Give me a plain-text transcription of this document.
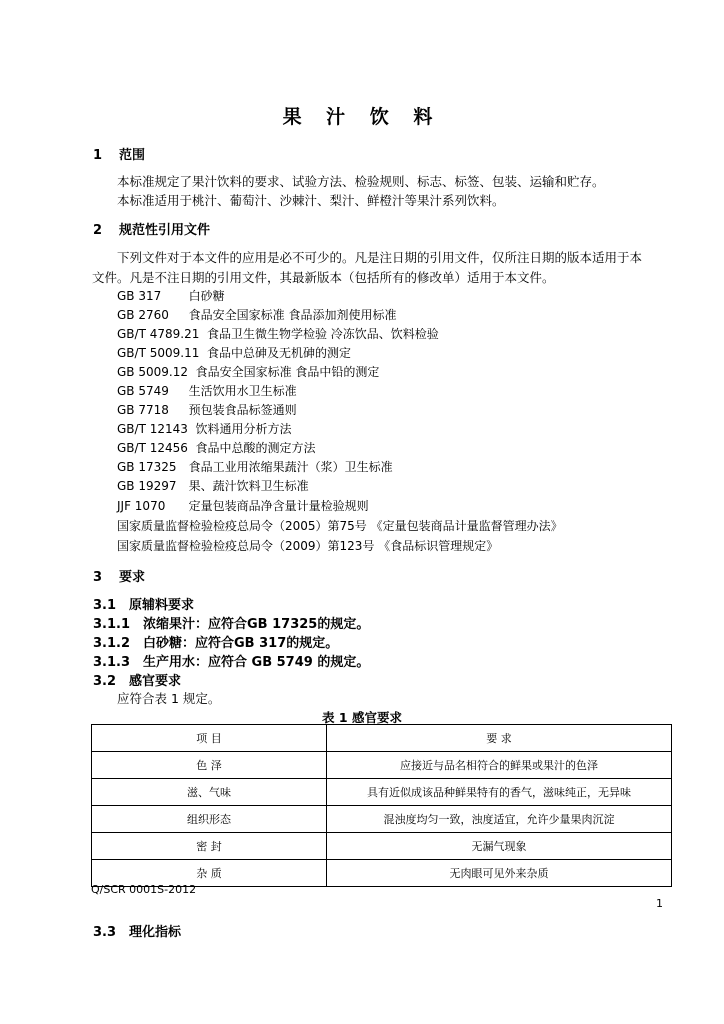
果 汁 饮 料
1 范围
本标准规定了果汁饮料的要求、试验方法、检验规则、标志、标签、包装、运输和贮存。
本标准适用于桃汁、葡萄汁、沙棘汁、梨汁、鲜橙汁等果汁系列饮料。
2 规范性引用文件
下列文件对于本文件的应用是必不可少的。凡是注日期的引用文件，仅所注日期的版本适用于本
文件。凡是不注日期的引用文件，其最新版本（包括所有的修改单）适用于本文件。
GB 317 白砂糖
GB 2760 食品安全国家标准 食品添加剂使用标准
GB/T 4789.21 食品卫生微生物学检验 冷冻饮品、饮料检验
GB/T 5009.11 食品中总砷及无机砷的测定
GB 5009.12 食品安全国家标准 食品中铅的测定
GB 5749 生活饮用水卫生标准
GB 7718 预包装食品标签通则
GB/T 12143 饮料通用分析方法
GB/T 12456 食品中总酸的测定方法
GB 17325 食品工业用浓缩果蔬汁（浆）卫生标准
GB 19297 果、蔬汁饮料卫生标准
JJF 1070 定量包装商品净含量计量检验规则
国家质量监督检验检疫总局令（2005）第75号 《定量包装商品计量监督管理办法》
国家质量监督检验检疫总局令（2009）第123号 《食品标识管理规定》
3 要求
3.1 原辅料要求
3.1.1 浓缩果汁：应符合GB 17325的规定。
3.1.2 白砂糖：应符合GB 317的规定。
3.1.3 生产用水：应符合 GB 5749 的规定。
3.2 感官要求
应符合表 1 规定。
表 1 感官要求
项 目	要 求
色 泽	应接近与品名相符合的鲜果或果汁的色泽
滋、气味	具有近似成该品种鲜果特有的香气，滋味纯正，无异味
组织形态	混浊度均匀一致，浊度适宜，允许少量果肉沉淀
密 封	无漏气现象
杂 质	无肉眼可见外来杂质
Q/SCR 0001S-2012
1
3.3 理化指标
